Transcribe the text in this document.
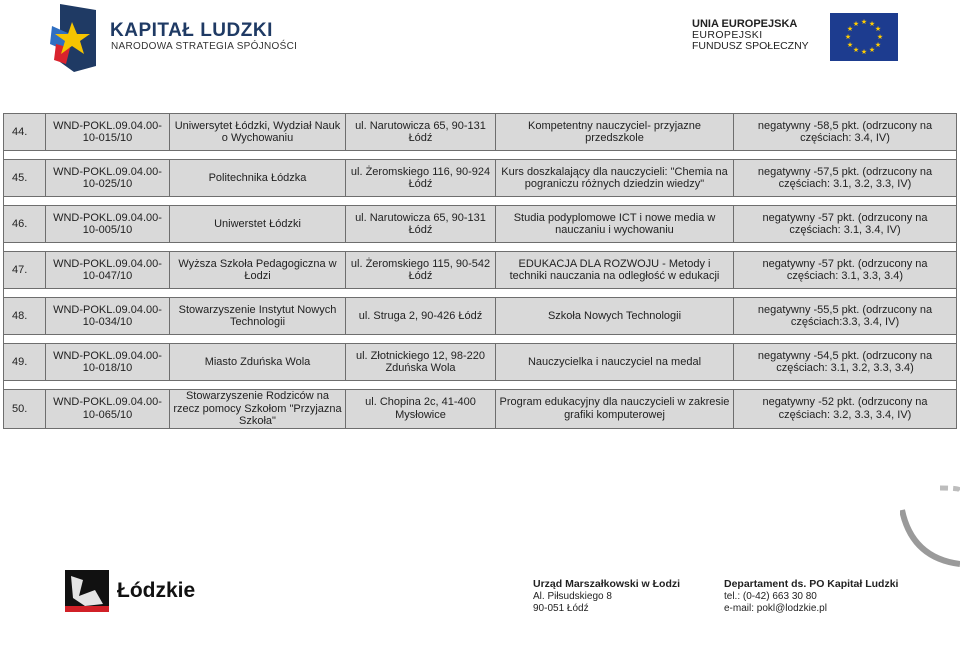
KAPITAŁ LUDZKI
NARODOWA STRATEGIA SPÓJNOŚCI
UNIA EUROPEJSKA
EUROPEJSKI
FUNDUSZ SPOŁECZNY
★ ★
★
★
★
★
★
★
★
★
★
★
44.	WND-POKL.09.04.00-10-015/10	Uniwersytet Łódzki, Wydział Nauk o Wychowaniu	ul. Narutowicza 65, 90-131 Łódź	Kompetentny nauczyciel- przyjazne przedszkole	negatywny -58,5 pkt. (odrzucony na częściach: 3.4, IV)

45.	WND-POKL.09.04.00-10-025/10	Politechnika Łódzka	ul. Żeromskiego 116, 90-924 Łódź	Kurs doszkalający dla nauczycieli: "Chemia na pograniczu różnych dziedzin wiedzy"	negatywny -57,5 pkt. (odrzucony na częściach: 3.1, 3.2, 3.3, IV)

46.	WND-POKL.09.04.00-10-005/10	Uniwerstet Łódzki	ul. Narutowicza 65, 90-131 Łódź	Studia podyplomowe ICT i nowe media w nauczaniu i wychowaniu	negatywny -57 pkt. (odrzucony na częściach: 3.1, 3.4, IV)

47.	WND-POKL.09.04.00-10-047/10	Wyższa Szkoła Pedagogiczna w Łodzi	ul. Żeromskiego 115, 90-542 Łódź	EDUKACJA DLA ROZWOJU - Metody i techniki nauczania na odległość w edukacji	negatywny -57 pkt. (odrzucony na częściach: 3.1, 3.3, 3.4)

48.	WND-POKL.09.04.00-10-034/10	Stowarzyszenie Instytut Nowych Technologii	ul. Struga 2, 90-426 Łódź	Szkoła Nowych Technologii	negatywny -55,5 pkt. (odrzucony na częściach:3.3, 3.4, IV)

49.	WND-POKL.09.04.00-10-018/10	Miasto Zduńska Wola	ul. Złotnickiego 12, 98-220 Zduńska Wola	Nauczycielka i nauczyciel na medal	negatywny -54,5 pkt. (odrzucony na częściach: 3.1, 3.2, 3.3, 3.4)

50.	WND-POKL.09.04.00-10-065/10	Stowarzyszenie Rodziców na rzecz pomocy Szkołom "Przyjazna Szkoła"	ul. Chopina 2c, 41-400 Mysłowice	Program edukacyjny dla nauczycieli w zakresie grafiki komputerowej	negatywny -52 pkt. (odrzucony na częściach: 3.2, 3.3, 3.4, IV)
Łódzkie	Urząd Marszałkowski w Łodzi
Al. Piłsudskiego 8
90-051 Łódź
Departament ds. PO Kapitał Ludzki
tel.: (0-42) 663 30 80
e-mail: pokl@lodzkie.pl
